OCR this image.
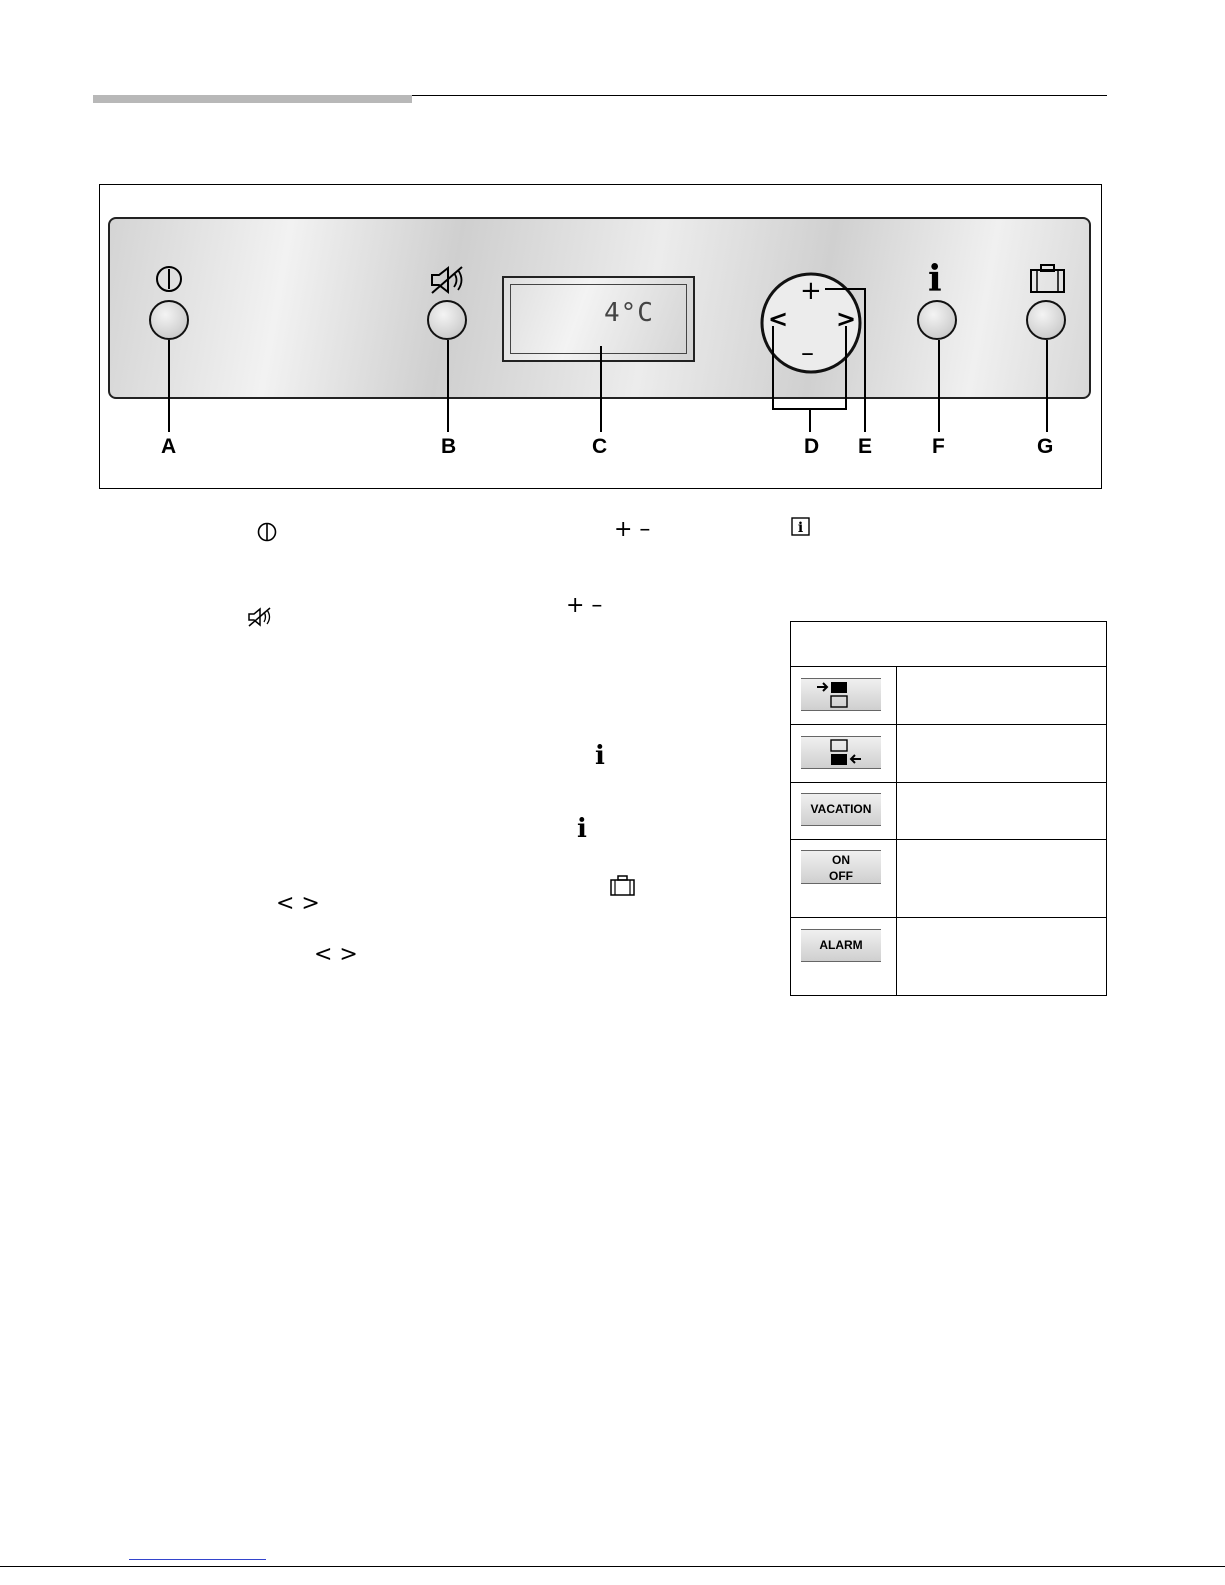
4°C
+
–
< >
i
A	B	C	D E	F	G
+ –	i
+ –
i
i
< >
< >
VACATION
ON
OFF
ALARM
